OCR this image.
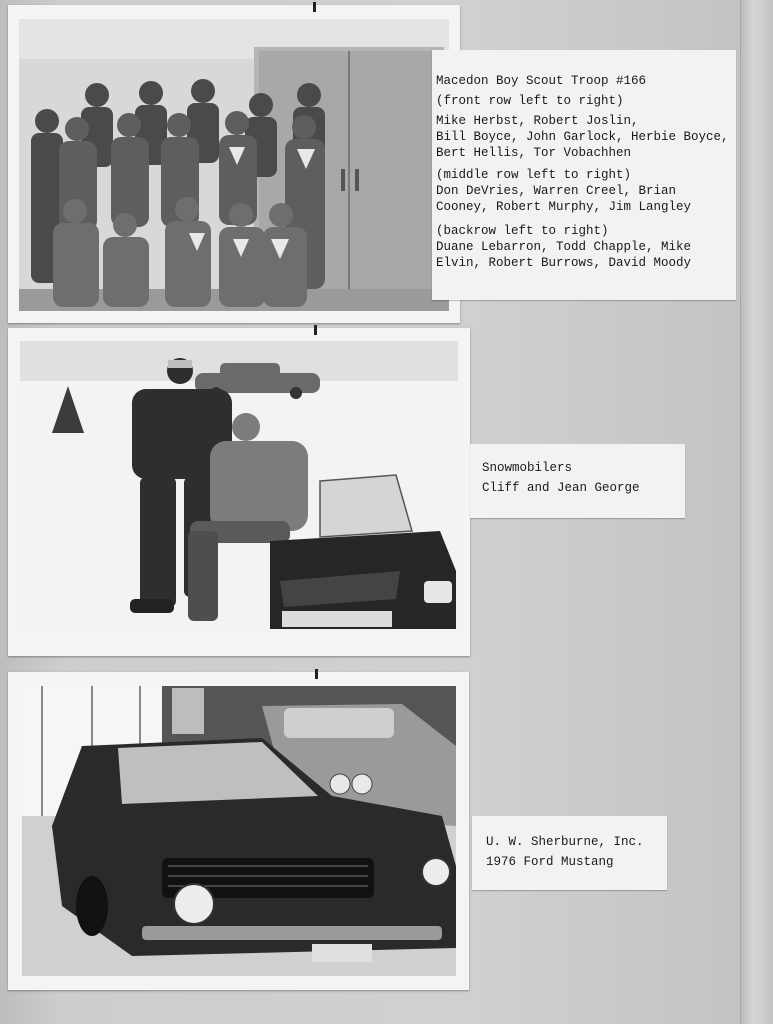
Macedon Boy Scout Troop #166

(front row left to right)

Mike Herbst, Robert Joslin,

Bill Boyce, John Garlock, Herbie Boyce,

Bert Hellis, Tor Vobachhen

(middle row left to right)

Don DeVries, Warren Creel, Brian

Cooney, Robert Murphy, Jim Langley

(backrow left to right)

Duane Lebarron, Todd Chapple, Mike

Elvin, Robert Burrows, David Moody

Snowmobilers

Cliff and Jean George

U. W. Sherburne, Inc.

1976 Ford Mustang
